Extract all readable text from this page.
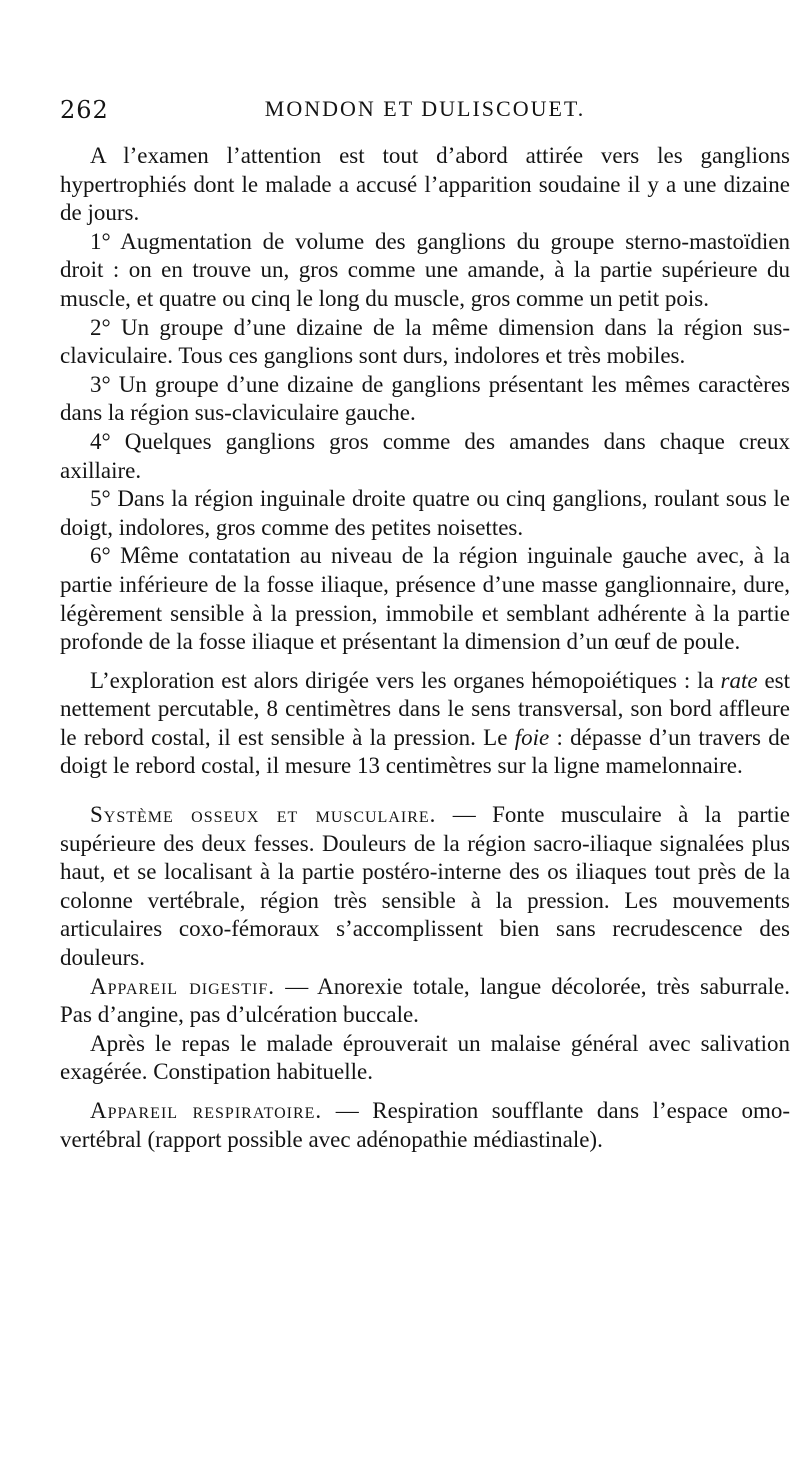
262	MONDON ET DULISCOUET.

A l’examen l’attention est tout d’abord attirée vers les ganglions hypertrophiés dont le malade a accusé l’apparition soudaine il y a une dizaine de jours.

1° Augmentation de volume des ganglions du groupe sterno-mastoïdien droit : on en trouve un, gros comme une amande, à la partie supérieure du muscle, et quatre ou cinq le long du muscle, gros comme un petit pois.

2° Un groupe d’une dizaine de la même dimension dans la région sus-claviculaire. Tous ces ganglions sont durs, indolores et très mobiles.

3° Un groupe d’une dizaine de ganglions présentant les mêmes caractères dans la région sus-claviculaire gauche.

4° Quelques ganglions gros comme des amandes dans chaque creux axillaire.

5° Dans la région inguinale droite quatre ou cinq ganglions, roulant sous le doigt, indolores, gros comme des petites noisettes.

6° Même contatation au niveau de la région inguinale gauche avec, à la partie inférieure de la fosse iliaque, présence d’une masse ganglionnaire, dure, légèrement sensible à la pression, immobile et semblant adhérente à la partie profonde de la fosse iliaque et présentant la dimension d’un œuf de poule.

L’exploration est alors dirigée vers les organes hémopoiétiques : la rate est nettement percutable, 8 centimètres dans le sens transversal, son bord affleure le rebord costal, il est sensible à la pression. Le foie : dépasse d’un travers de doigt le rebord costal, il mesure 13 centimètres sur la ligne mamelonnaire.

Système osseux et musculaire. — Fonte musculaire à la partie supérieure des deux fesses. Douleurs de la région sacro-iliaque signalées plus haut, et se localisant à la partie postéro-interne des os iliaques tout près de la colonne vertébrale, région très sensible à la pression. Les mouvements articulaires coxo-fémoraux s’accomplissent bien sans recrudescence des douleurs.

Appareil digestif. — Anorexie totale, langue décolorée, très saburrale. Pas d’angine, pas d’ulcération buccale.

Après le repas le malade éprouverait un malaise général avec salivation exagérée. Constipation habituelle.

Appareil respiratoire. — Respiration soufflante dans l’espace omo-vertébral (rapport possible avec adénopathie médiastinale).
